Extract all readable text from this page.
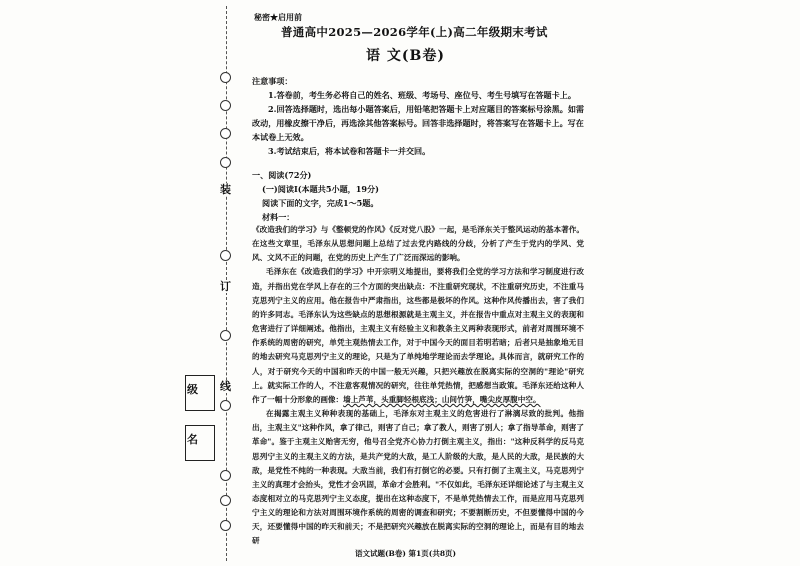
装
订
线
级
名
秘密★启用前
普通高中2025—2026学年(上)高二年级期末考试
语 文(B卷)
注意事项：

1.答卷前，考生务必将自己的姓名、班级、考场号、座位号、考生号填写在答题卡上。

2.回答选择题时，选出每小题答案后，用铅笔把答题卡上对应题目的答案标号涂黑。如需改动，用橡皮擦干净后，再选涂其他答案标号。回答非选择题时，将答案写在答题卡上。写在本试卷上无效。

3.考试结束后，将本试卷和答题卡一并交回。

一、阅读(72分)

(一)阅读Ⅰ(本题共5小题，19分)

阅读下面的文字，完成1～5题。

材料一：

《改造我们的学习》与《整顿党的作风》《反对党八股》一起，是毛泽东关于整风运动的基本著作。在这些文章里，毛泽东从思想问题上总结了过去党内路线的分歧，分析了产生于党内的学风、党风、文风不正的问题，在党的历史上产生了广泛而深远的影响。

毛泽东在《改造我们的学习》中开宗明义地提出，要将我们全党的学习方法和学习制度进行改造，并指出党在学风上存在的三个方面的突出缺点：不注重研究现状，不注重研究历史，不注重马克思列宁主义的应用。他在报告中严肃指出，这些都是极坏的作风。这种作风传播出去，害了我们的许多同志。毛泽东认为这些缺点的思想根源就是主观主义，并在报告中重点对主观主义的表现和危害进行了详细阐述。他指出，主观主义有经验主义和教条主义两种表现形式，前者对周围环境不作系统的周密的研究，单凭主观热情去工作，对于中国今天的面目若明若暗；后者只是抽象地无目的地去研究马克思列宁主义的理论，只是为了单纯地学理论而去学理论。具体而言，就研究工作的人，对于研究今天的中国和昨天的中国一般无兴趣，只把兴趣放在脱离实际的空洞的"理论"研究上。就实际工作的人，不注意客观情况的研究，往往单凭热情，把感想当政策。毛泽东还给这种人作了一幅十分形象的画像：墙上芦苇，头重脚轻根底浅；山间竹笋，嘴尖皮厚腹中空。

在揭露主观主义种种表现的基础上，毛泽东对主观主义的危害进行了淋漓尽致的批判。他指出，主观主义"这种作风，拿了律己，则害了自己；拿了教人，则害了别人；拿了指导革命，则害了革命"。鉴于主观主义贻害无穷，他号召全党齐心协力打倒主观主义，指出："这种反科学的反马克思列宁主义的主观主义的方法，是共产党的大敌，是工人阶级的大敌，是人民的大敌，是民族的大敌，是党性不纯的一种表现。大敌当前，我们有打倒它的必要。只有打倒了主观主义，马克思列宁主义的真理才会抬头，党性才会巩固，革命才会胜利。"不仅如此，毛泽东还详细论述了与主观主义态度相对立的马克思列宁主义态度，提出在这种态度下，不是单凭热情去工作，而是应用马克思列宁主义的理论和方法对周围环境作系统的周密的调查和研究；不要割断历史，不但要懂得中国的今天，还要懂得中国的昨天和前天；不是把研究兴趣放在脱离实际的空洞的理论上，而是有目的地去研

语文试题(B卷) 第1页(共8页)
